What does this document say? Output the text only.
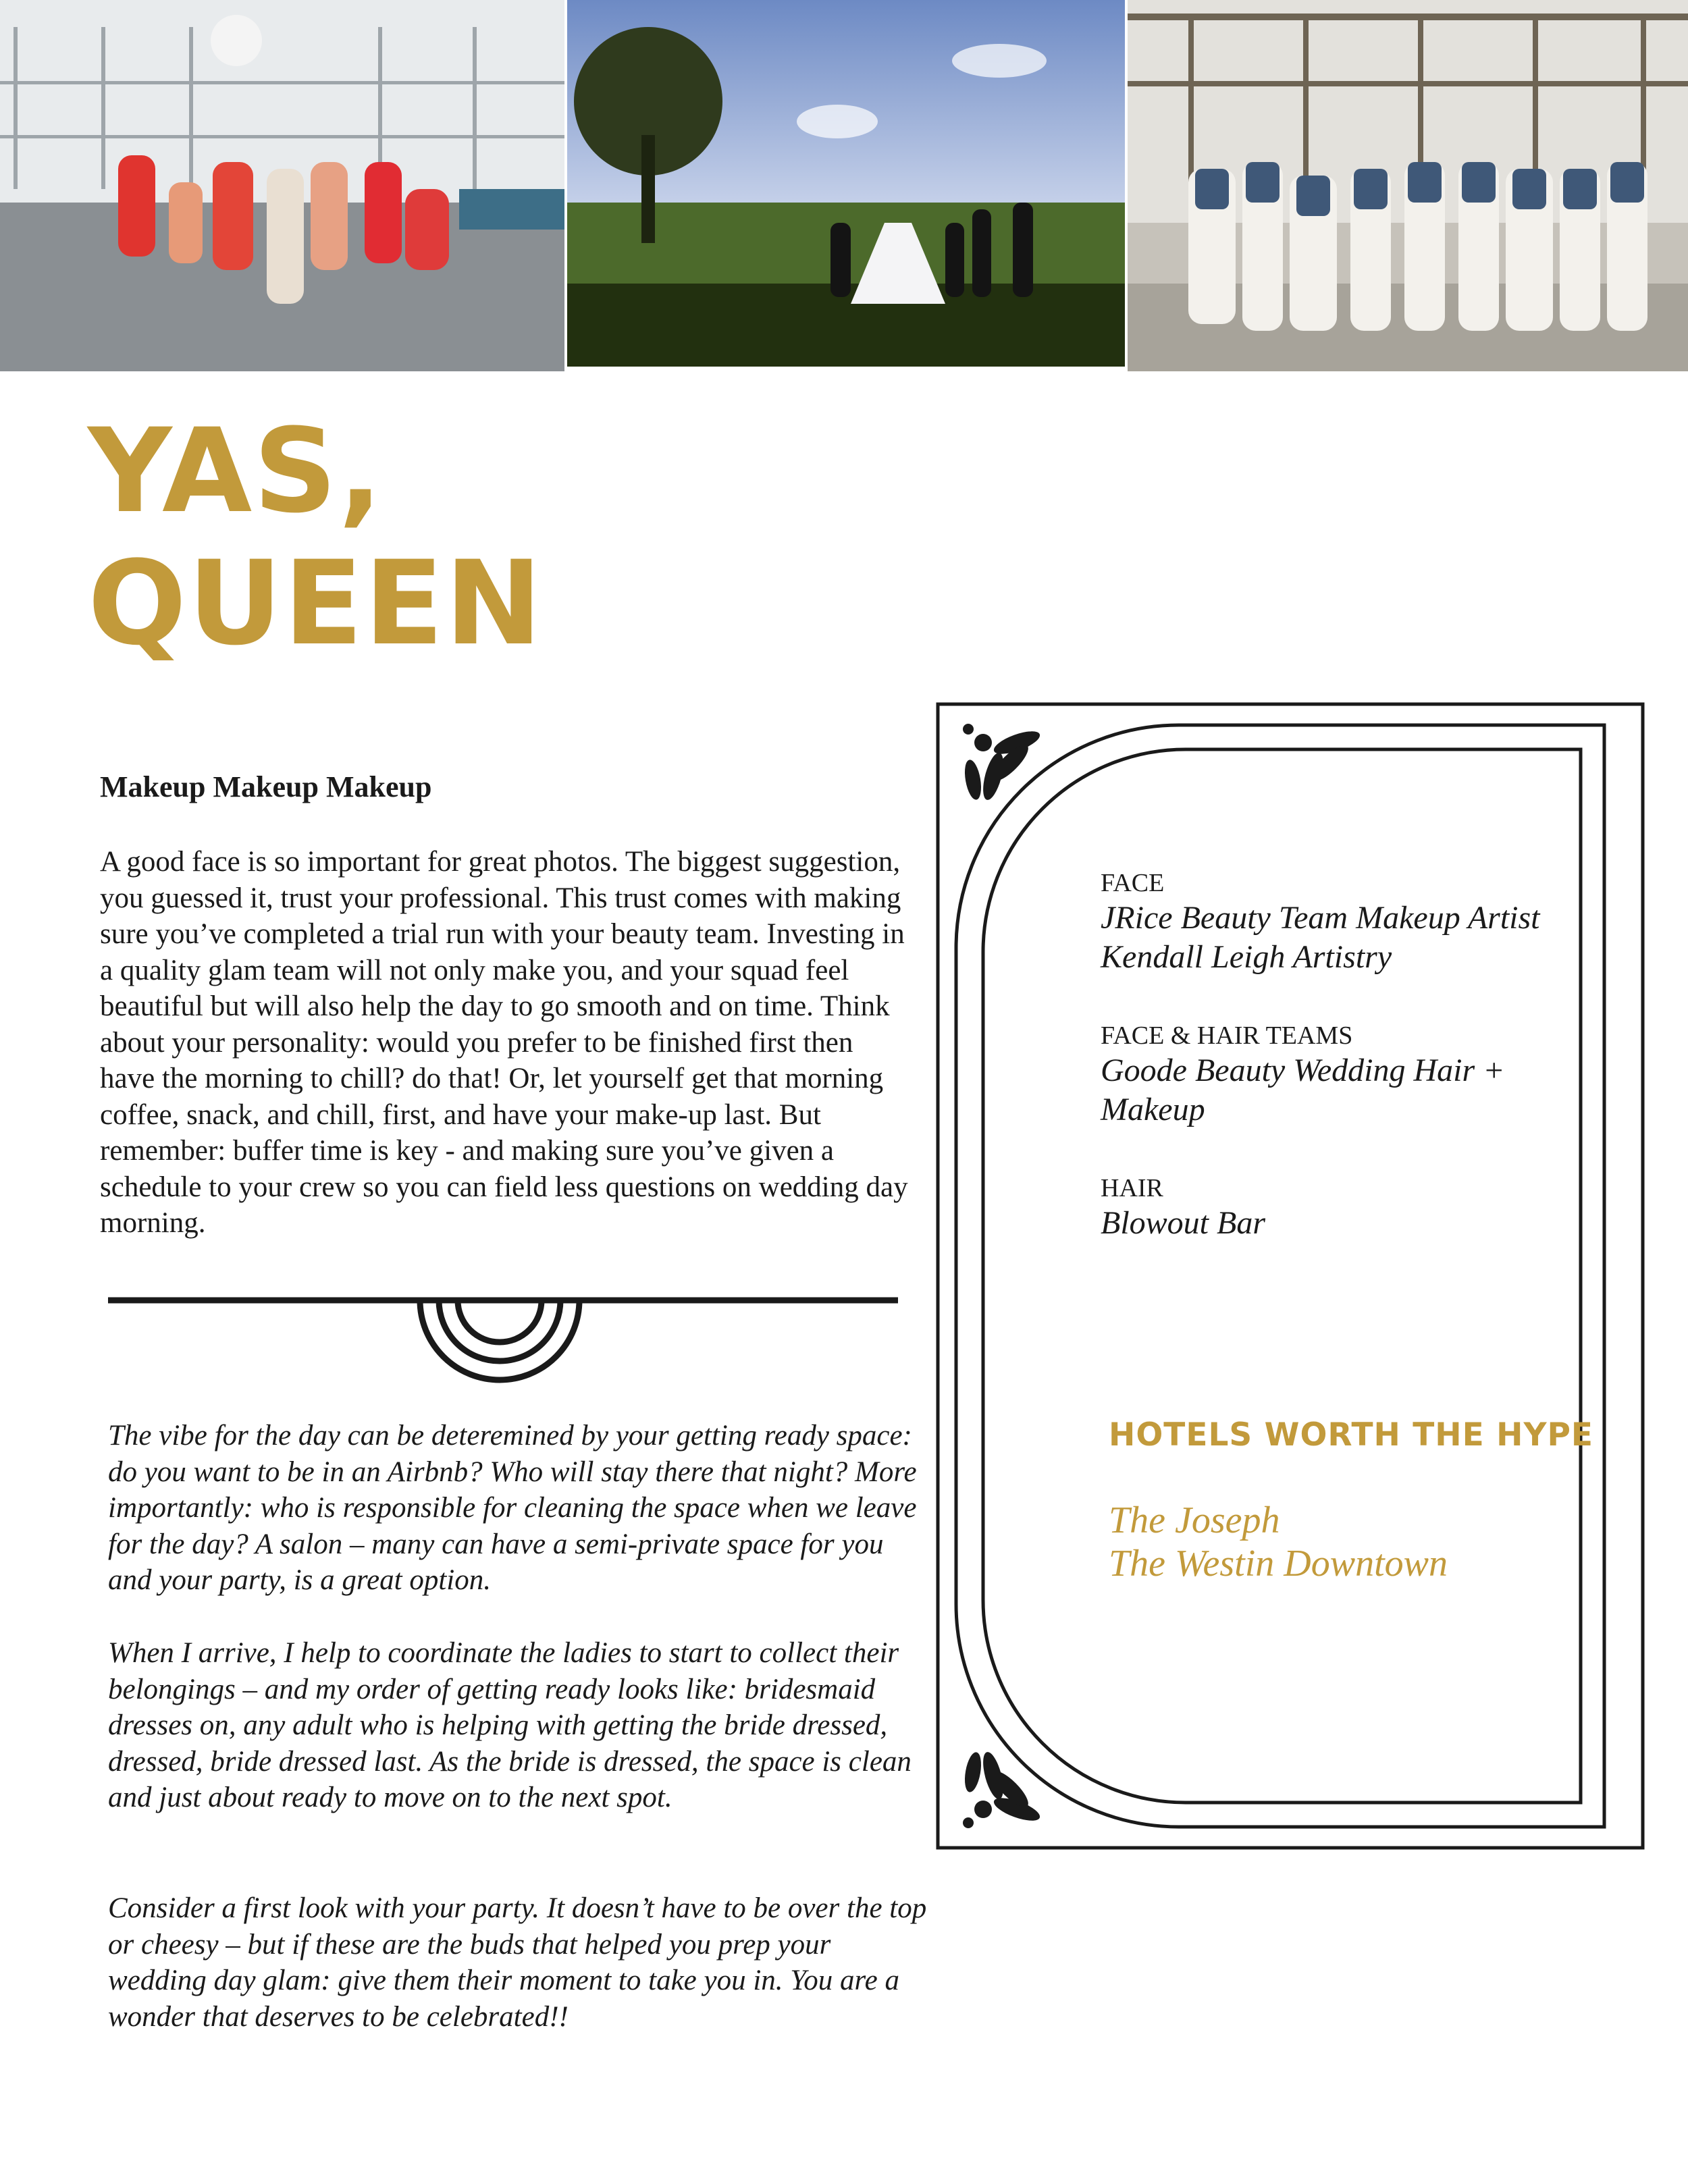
YAS,
QUEEN
Makeup Makeup Makeup

A good face is so important for great photos. The biggest suggestion, you guessed it, trust your professional. This trust comes with making sure you’ve completed a trial run with your beauty team. Investing in a quality glam team will not only make you, and your squad feel beautiful but will also help the day to go smooth and on time. Think about your personality: would you prefer to be finished first then have the morning to chill? do that! Or, let yourself get that morning coffee, snack, and chill, first, and have your make-up last. But remember: buffer time is key - and making sure you’ve given a schedule to your crew so you can field less questions on wedding day morning.

The vibe for the day can be deteremined by your getting ready space: do you want to be in an Airbnb? Who will stay there that night? More importantly: who is responsible for cleaning the space when we leave for the day? A salon – many can have a semi-private space for you and your party, is a great option.

When I arrive, I help to coordinate the ladies to start to collect their belongings – and my order of getting ready looks like: bridesmaid dresses on, any adult who is helping with getting the bride dressed, dressed, bride dressed last. As the bride is dressed, the space is clean and just about ready to move on to the next spot.

Consider a first look with your party. It doesn’t have to be over the top or cheesy – but if these are the buds that helped you prep your wedding day glam: give them their moment to take you in. You are a wonder that deserves to be celebrated!!

FACE
JRice Beauty Team Makeup Artist
Kendall Leigh Artistry
FACE & HAIR TEAMS
Goode Beauty Wedding Hair + Makeup
HAIR
Blowout Bar
HOTELS WORTH THE HYPE
The Joseph
The Westin Downtown
